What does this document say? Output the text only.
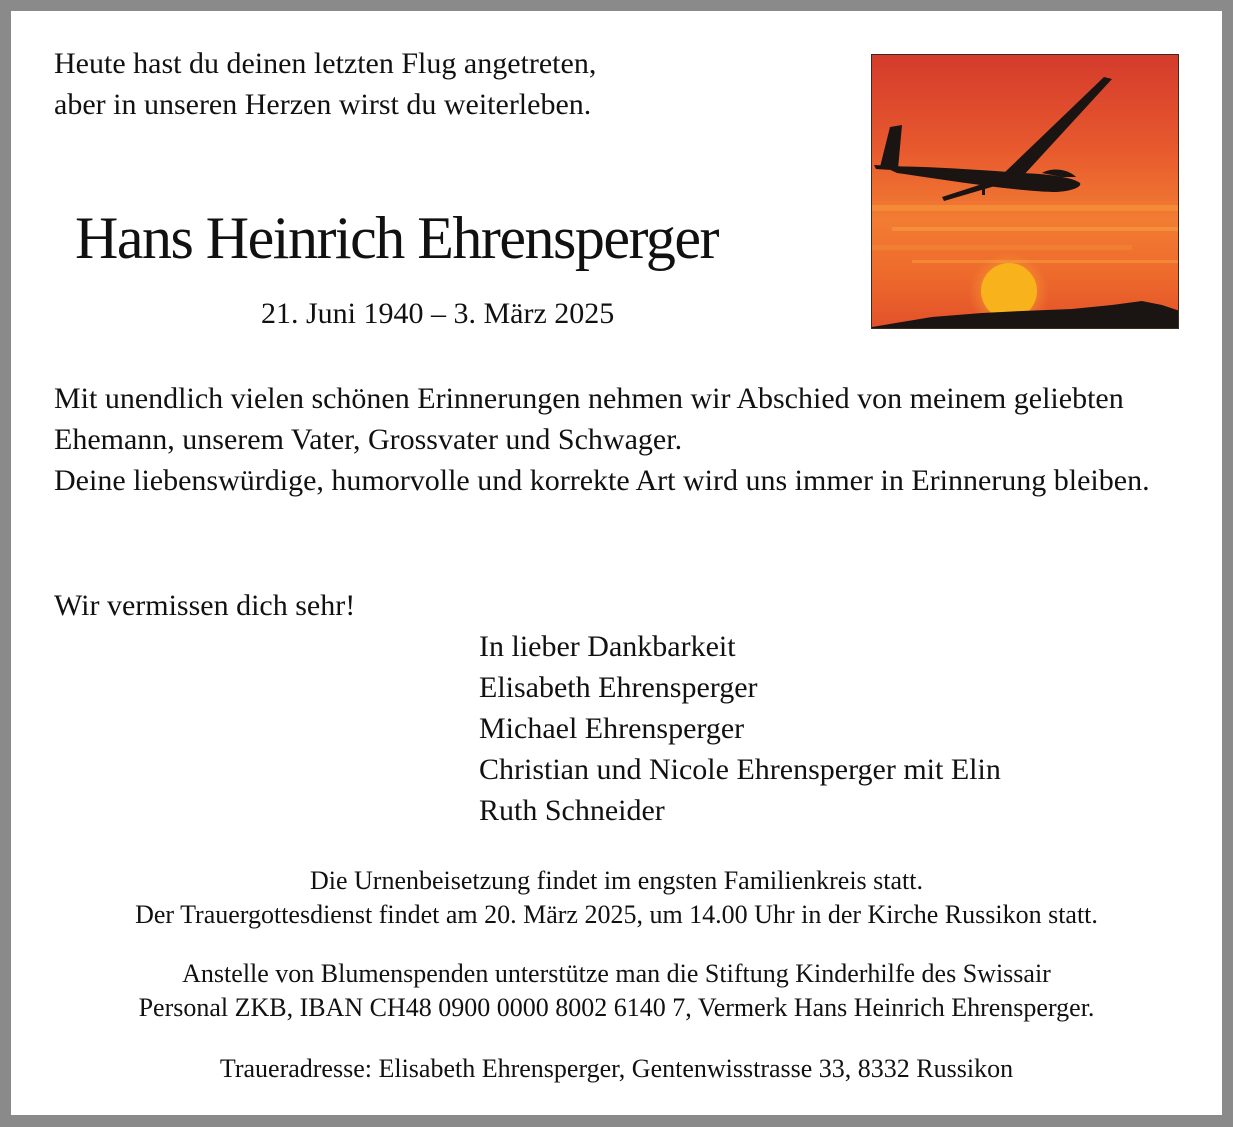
Heute hast du deinen letzten Flug angetreten,
aber in unseren Herzen wirst du weiterleben.
Hans Heinrich Ehrensperger
21. Juni 1940 – 3. März 2025
Mit unendlich vielen schönen Erinnerungen nehmen wir Abschied von meinem geliebten Ehemann, unserem Vater, Grossvater und Schwager.
Deine liebenswürdige, humorvolle und korrekte Art wird uns immer in Erinnerung bleiben.
Wir vermissen dich sehr!
In lieber Dankbarkeit
Elisabeth Ehrensperger
Michael Ehrensperger
Christian und Nicole Ehrensperger mit Elin
Ruth Schneider
Die Urnenbeisetzung findet im engsten Familienkreis statt.
Der Trauergottesdienst findet am 20. März 2025, um 14.00 Uhr in der Kirche Russikon statt.
Anstelle von Blumenspenden unterstütze man die Stiftung Kinderhilfe des Swissair
Personal ZKB, IBAN CH48 0900 0000 8002 6140 7, Vermerk Hans Heinrich Ehrensperger.
Traueradresse: Elisabeth Ehrensperger, Gentenwisstrasse 33, 8332 Russikon
